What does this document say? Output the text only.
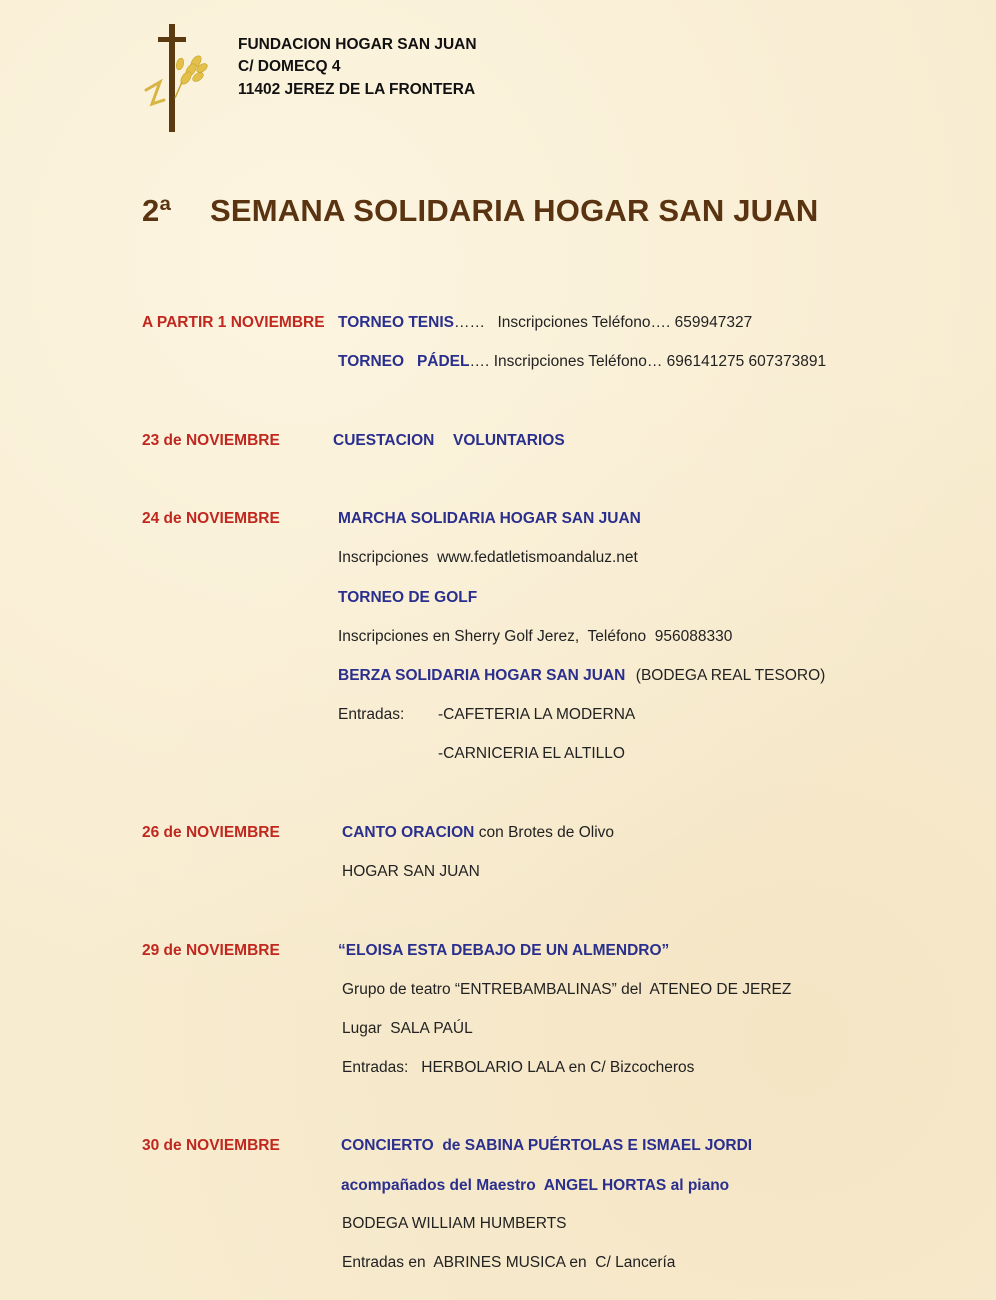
FUNDACION HOGAR SAN JUAN
C/ DOMECQ 4
11402 JEREZ DE LA FRONTERA
2ª SEMANA SOLIDARIA HOGAR SAN JUAN
A PARTIR 1 NOVIEMBRE TORNEO TENIS…… Inscripciones Teléfono…. 659947327
TORNEO   PÁDEL…. Inscripciones Teléfono… 696141275 607373891
23 de NOVIEMBRE	CUESTACION VOLUNTARIOS
24 de NOVIEMBRE	MARCHA SOLIDARIA HOGAR SAN JUAN
Inscripciones  www.fedatletismoandaluz.net
TORNEO DE GOLF
Inscripciones en Sherry Golf Jerez,  Teléfono  956088330
BERZA SOLIDARIA HOGAR SAN JUAN (BODEGA REAL TESORO)
Entradas: -CAFETERIA LA MODERNA
-CARNICERIA EL ALTILLO
26 de NOVIEMBRE	CANTO ORACION con Brotes de Olivo
HOGAR SAN JUAN
29 de NOVIEMBRE	“ELOISA ESTA DEBAJO DE UN ALMENDRO”
Grupo de teatro “ENTREBAMBALINAS” del  ATENEO DE JEREZ
Lugar  SALA PAÚL
Entradas:   HERBOLARIO LALA en C/ Bizcocheros
30 de NOVIEMBRE	CONCIERTO  de SABINA PUÉRTOLAS E ISMAEL JORDI
acompañados del Maestro  ANGEL HORTAS al piano
BODEGA WILLIAM HUMBERTS
Entradas en  ABRINES MUSICA en  C/ Lancería
